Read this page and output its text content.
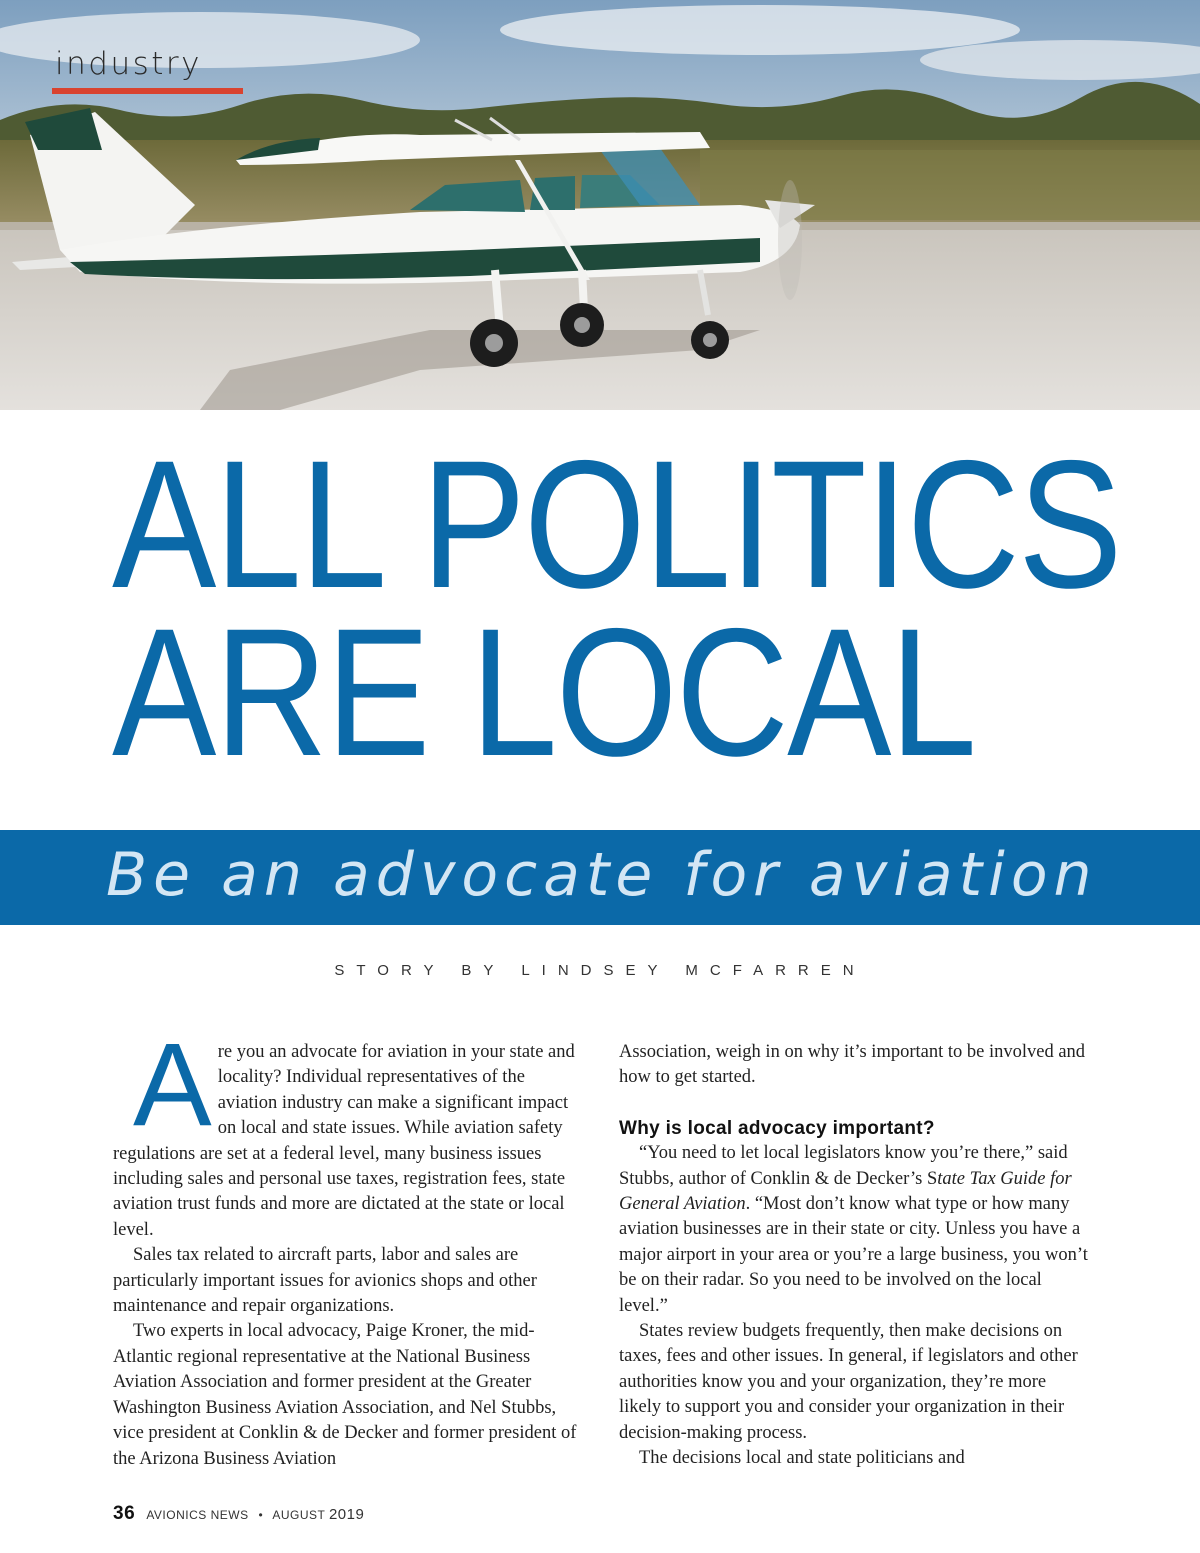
industry
ALL POLITICS
ARE LOCAL
Be an advocate for aviation
STORY BY LINDSEY MCFARREN

Are you an advocate for aviation in your state and locality? Individual representatives of the aviation industry can make a significant impact on local and state issues. While aviation safety regulations are set at a federal level, many business issues including sales and personal use taxes, registration fees, state aviation trust funds and more are dictated at the state or local level.

Sales tax related to aircraft parts, labor and sales are particularly important issues for avionics shops and other maintenance and repair organizations.

Two experts in local advocacy, Paige Kroner, the mid-Atlantic regional representative at the National Business Aviation Association and former president at the Greater Washington Business Aviation Association, and Nel Stubbs, vice president at Conklin & de Decker and former president of the Arizona Business Aviation

Association, weigh in on why it’s important to be involved and how to get started.

Why is local advocacy important?

“You need to let local legislators know you’re there,” said Stubbs, author of Conklin & de Decker’s State Tax Guide for General Aviation. “Most don’t know what type or how many aviation businesses are in their state or city. Unless you have a major airport in your area or you’re a large business, you won’t be on their radar. So you need to be involved on the local level.”

States review budgets frequently, then make decisions on taxes, fees and other issues. In general, if legislators and other authorities know you and your organization, they’re more likely to support you and consider your organization in their decision-making process.

The decisions local and state politicians and

36 AVIONICS NEWS • AUGUST 2019
